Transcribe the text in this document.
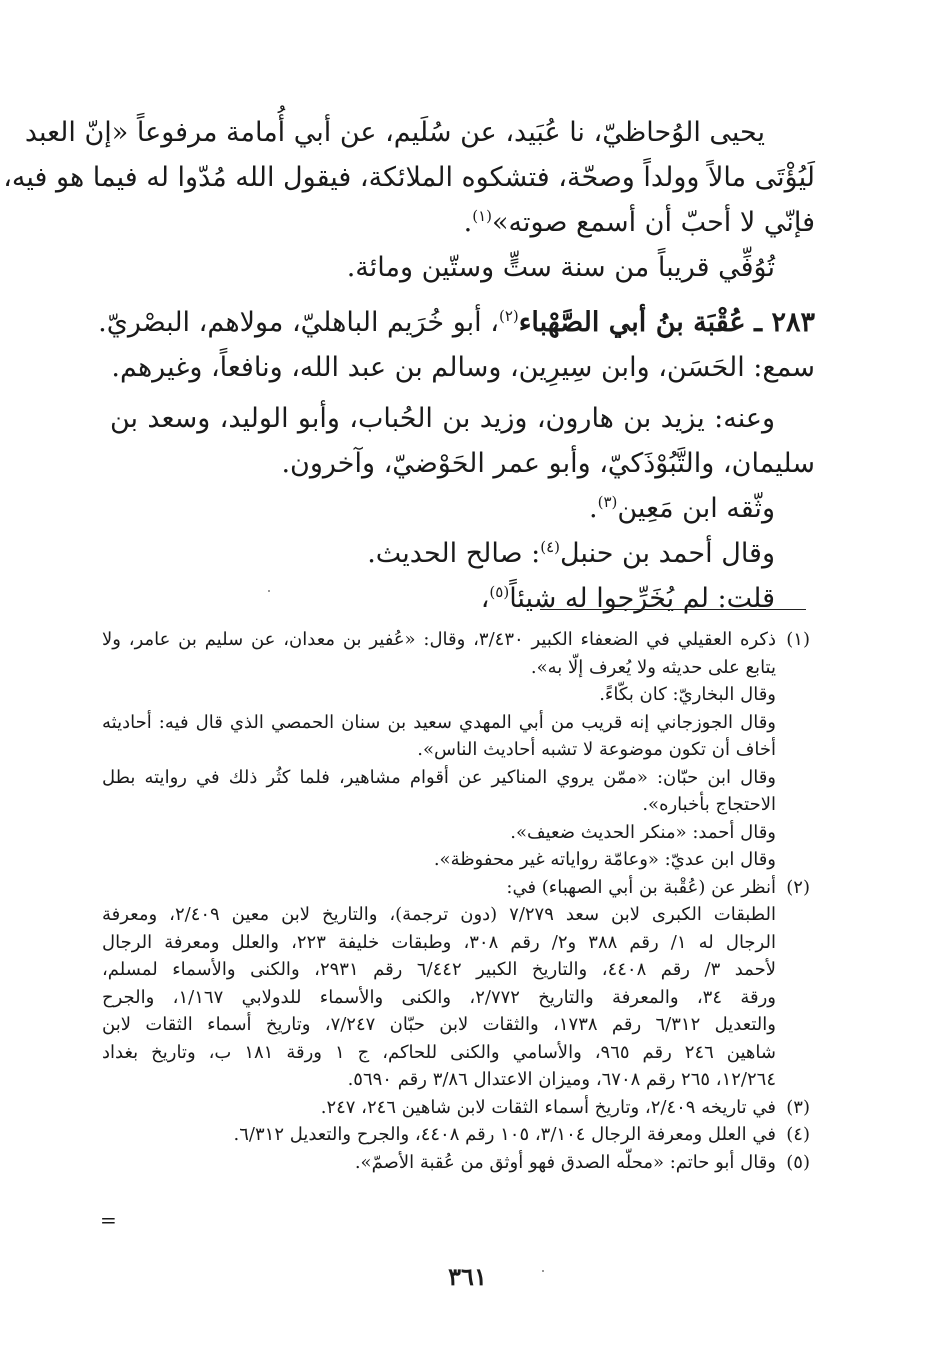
يحيى الوُحاظيّ، نا عُبَيد، عن سُلَيم، عن أبي أُمامة مرفوعاً «إنّ العبد
لَيُؤْتَى مالاً وولداً وصحّة، فتشكوه الملائكة، فيقول الله مُدّوا له فيما هو فيه،
فإنّي لا أحبّ أن أسمع صوته»$^{(١)}$.
تُوُفِّي قريباً من سنة ستٍّ وستّين ومائة.
٢٨٣ ـ عُقْبَة بنُ أبي الصَّهْباء$^{(٢)}$، أبو خُرَيم الباهليّ، مولاهم، البصْريّ.
سمع: الحَسَن، وابن سِيرِين، وسالم بن عبد الله، ونافعاً، وغيرهم.
وعنه: يزيد بن هارون، وزيد بن الحُباب، وأبو الوليد، وسعد بن
سليمان، والتَّبُوْذَكيّ، وأبو عمر الحَوْضيّ، وآخرون.
وثّقه ابن مَعِين$^{(٣)}$.
وقال أحمد بن حنبل$^{(٤)}$: صالح الحديث.
قلت: لم يُخَرِّجوا له شيئاً$^{(٥)}$،
(١)
ذكره العقيلي في الضعفاء الكبير ٣/٤٣٠، وقال: «عُفير بن معدان، عن سليم بن عامر، ولا
يتابع على حديثه ولا يُعرف إلّا به».
وقال البخاريّ: كان بكّاءً.
وقال الجوزجاني إنه قريب من أبي المهدي سعيد بن سنان الحمصي الذي قال فيه: أحاديثه
أخاف أن تكون موضوعة لا تشبه أحاديث الناس».
وقال ابن حبّان: «ممّن يروي المناكير عن أقوام مشاهير، فلما كثُر ذلك في روايته بطل
الاحتجاج بأخباره».
وقال أحمد: «منكر الحديث ضعيف».
وقال ابن عديّ: «وعامّة رواياته غير محفوظة».
(٢)
أنظر عن (عُقْبة بن أبي الصهباء) في:
الطبقات الكبرى لابن سعد ٧/٢٧٩ (دون ترجمة)، والتاريخ لابن معين ٢/٤٠٩، ومعرفة
الرجال له ١/ رقم ٣٨٨ و٢/ رقم ٣٠٨، وطبقات خليفة ٢٢٣، والعلل ومعرفة الرجال
لأحمد ٣/ رقم ٤٤٠٨، والتاريخ الكبير ٦/٤٤٢ رقم ٢٩٣١، والكنى والأسماء لمسلم،
ورقة ٣٤، والمعرفة والتاريخ ٢/٧٧٢، والكنى والأسماء للدولابي ١/١٦٧، والجرح
والتعديل ٦/٣١٢ رقم ١٧٣٨، والثقات لابن حبّان ٧/٢٤٧، وتاريخ أسماء الثقات لابن
شاهين ٢٤٦ رقم ٩٦٥، والأسامي والكنى للحاكم، ج ١ ورقة ١٨١ ب، وتاريخ بغداد
١٢/٢٦٤، ٢٦٥ رقم ٦٧٠٨، وميزان الاعتدال ٣/٨٦ رقم ٥٦٩٠.
(٣)
في تاريخه ٢/٤٠٩، وتاريخ أسماء الثقات لابن شاهين ٢٤٦، ٢٤٧.
(٤)
في العلل ومعرفة الرجال ٣/١٠٤، ١٠٥ رقم ٤٤٠٨، والجرح والتعديل ٦/٣١٢.
(٥)
وقال أبو حاتم: «محلّه الصدق فهو أوثق من عُقبة الأصمّ».
=
٣٦١
